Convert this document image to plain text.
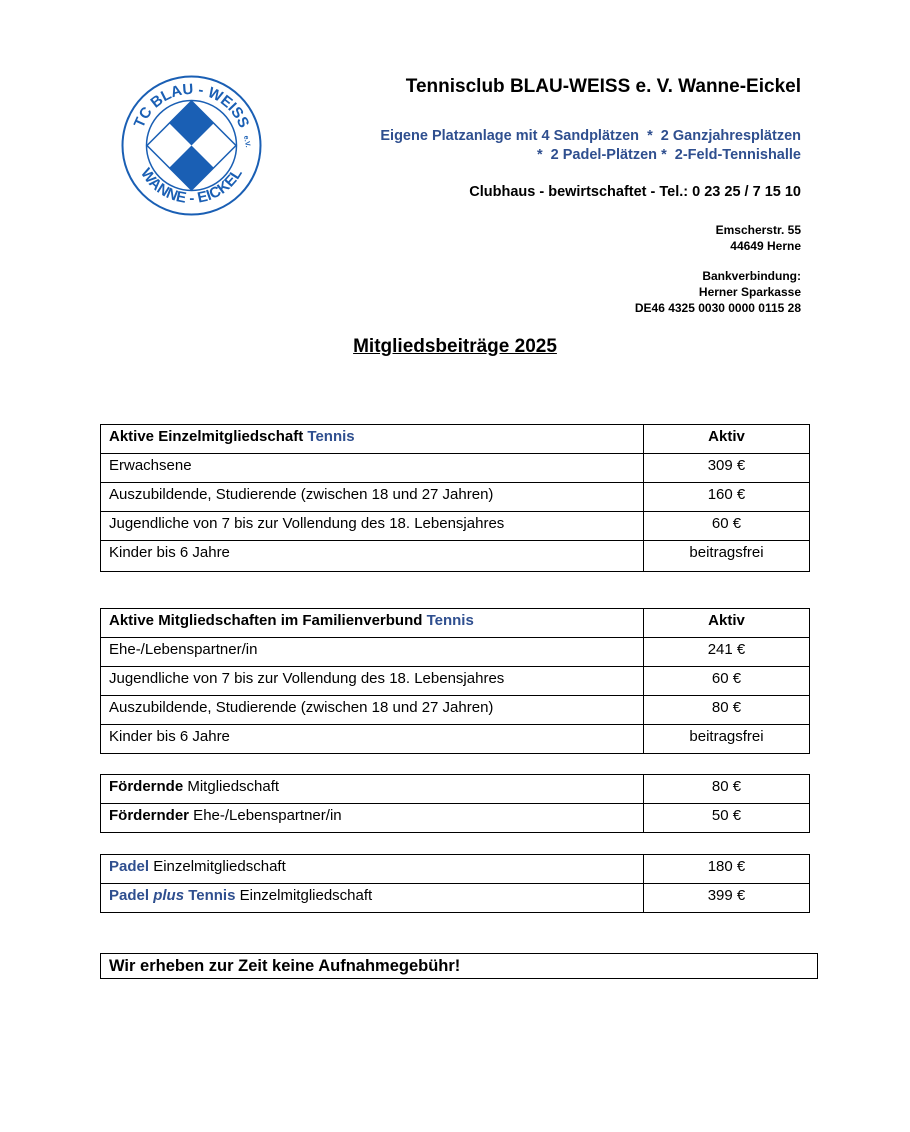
TC BLAU - WEISS
WANNE - EICKEL
e.V.
Tennisclub BLAU-WEISS e. V. Wanne-Eickel
Eigene Platzanlage mit 4 Sandplätzen  *  2 Ganzjahresplätzen
*  2 Padel-Plätzen *  2-Feld-Tennishalle
Clubhaus - bewirtschaftet - Tel.: 0 23 25 / 7 15 10
Emscherstr. 55
44649 Herne
Bankverbindung:
Herner Sparkasse
DE46 4325 0030 0000 0115 28
Mitgliedsbeiträge 2025
Aktive Einzelmitgliedschaft Tennis	Aktiv
Erwachsene	309 €
Auszubildende, Studierende (zwischen 18 und 27 Jahren)	160 €
Jugendliche von 7 bis zur Vollendung des 18. Lebensjahres	60 €
Kinder bis 6 Jahre	beitragsfrei
Aktive Mitgliedschaften im Familienverbund Tennis	Aktiv
Ehe-/Lebenspartner/in	241 €
Jugendliche von 7 bis zur Vollendung des 18. Lebensjahres	60 €
Auszubildende, Studierende (zwischen 18 und 27 Jahren)	80 €
Kinder bis 6 Jahre	beitragsfrei
Fördernde Mitgliedschaft	80 €
Fördernder Ehe-/Lebenspartner/in	50 €
Padel Einzelmitgliedschaft	180 €
Padel plus Tennis Einzelmitgliedschaft	399 €
Wir erheben zur Zeit keine Aufnahmegebühr!
